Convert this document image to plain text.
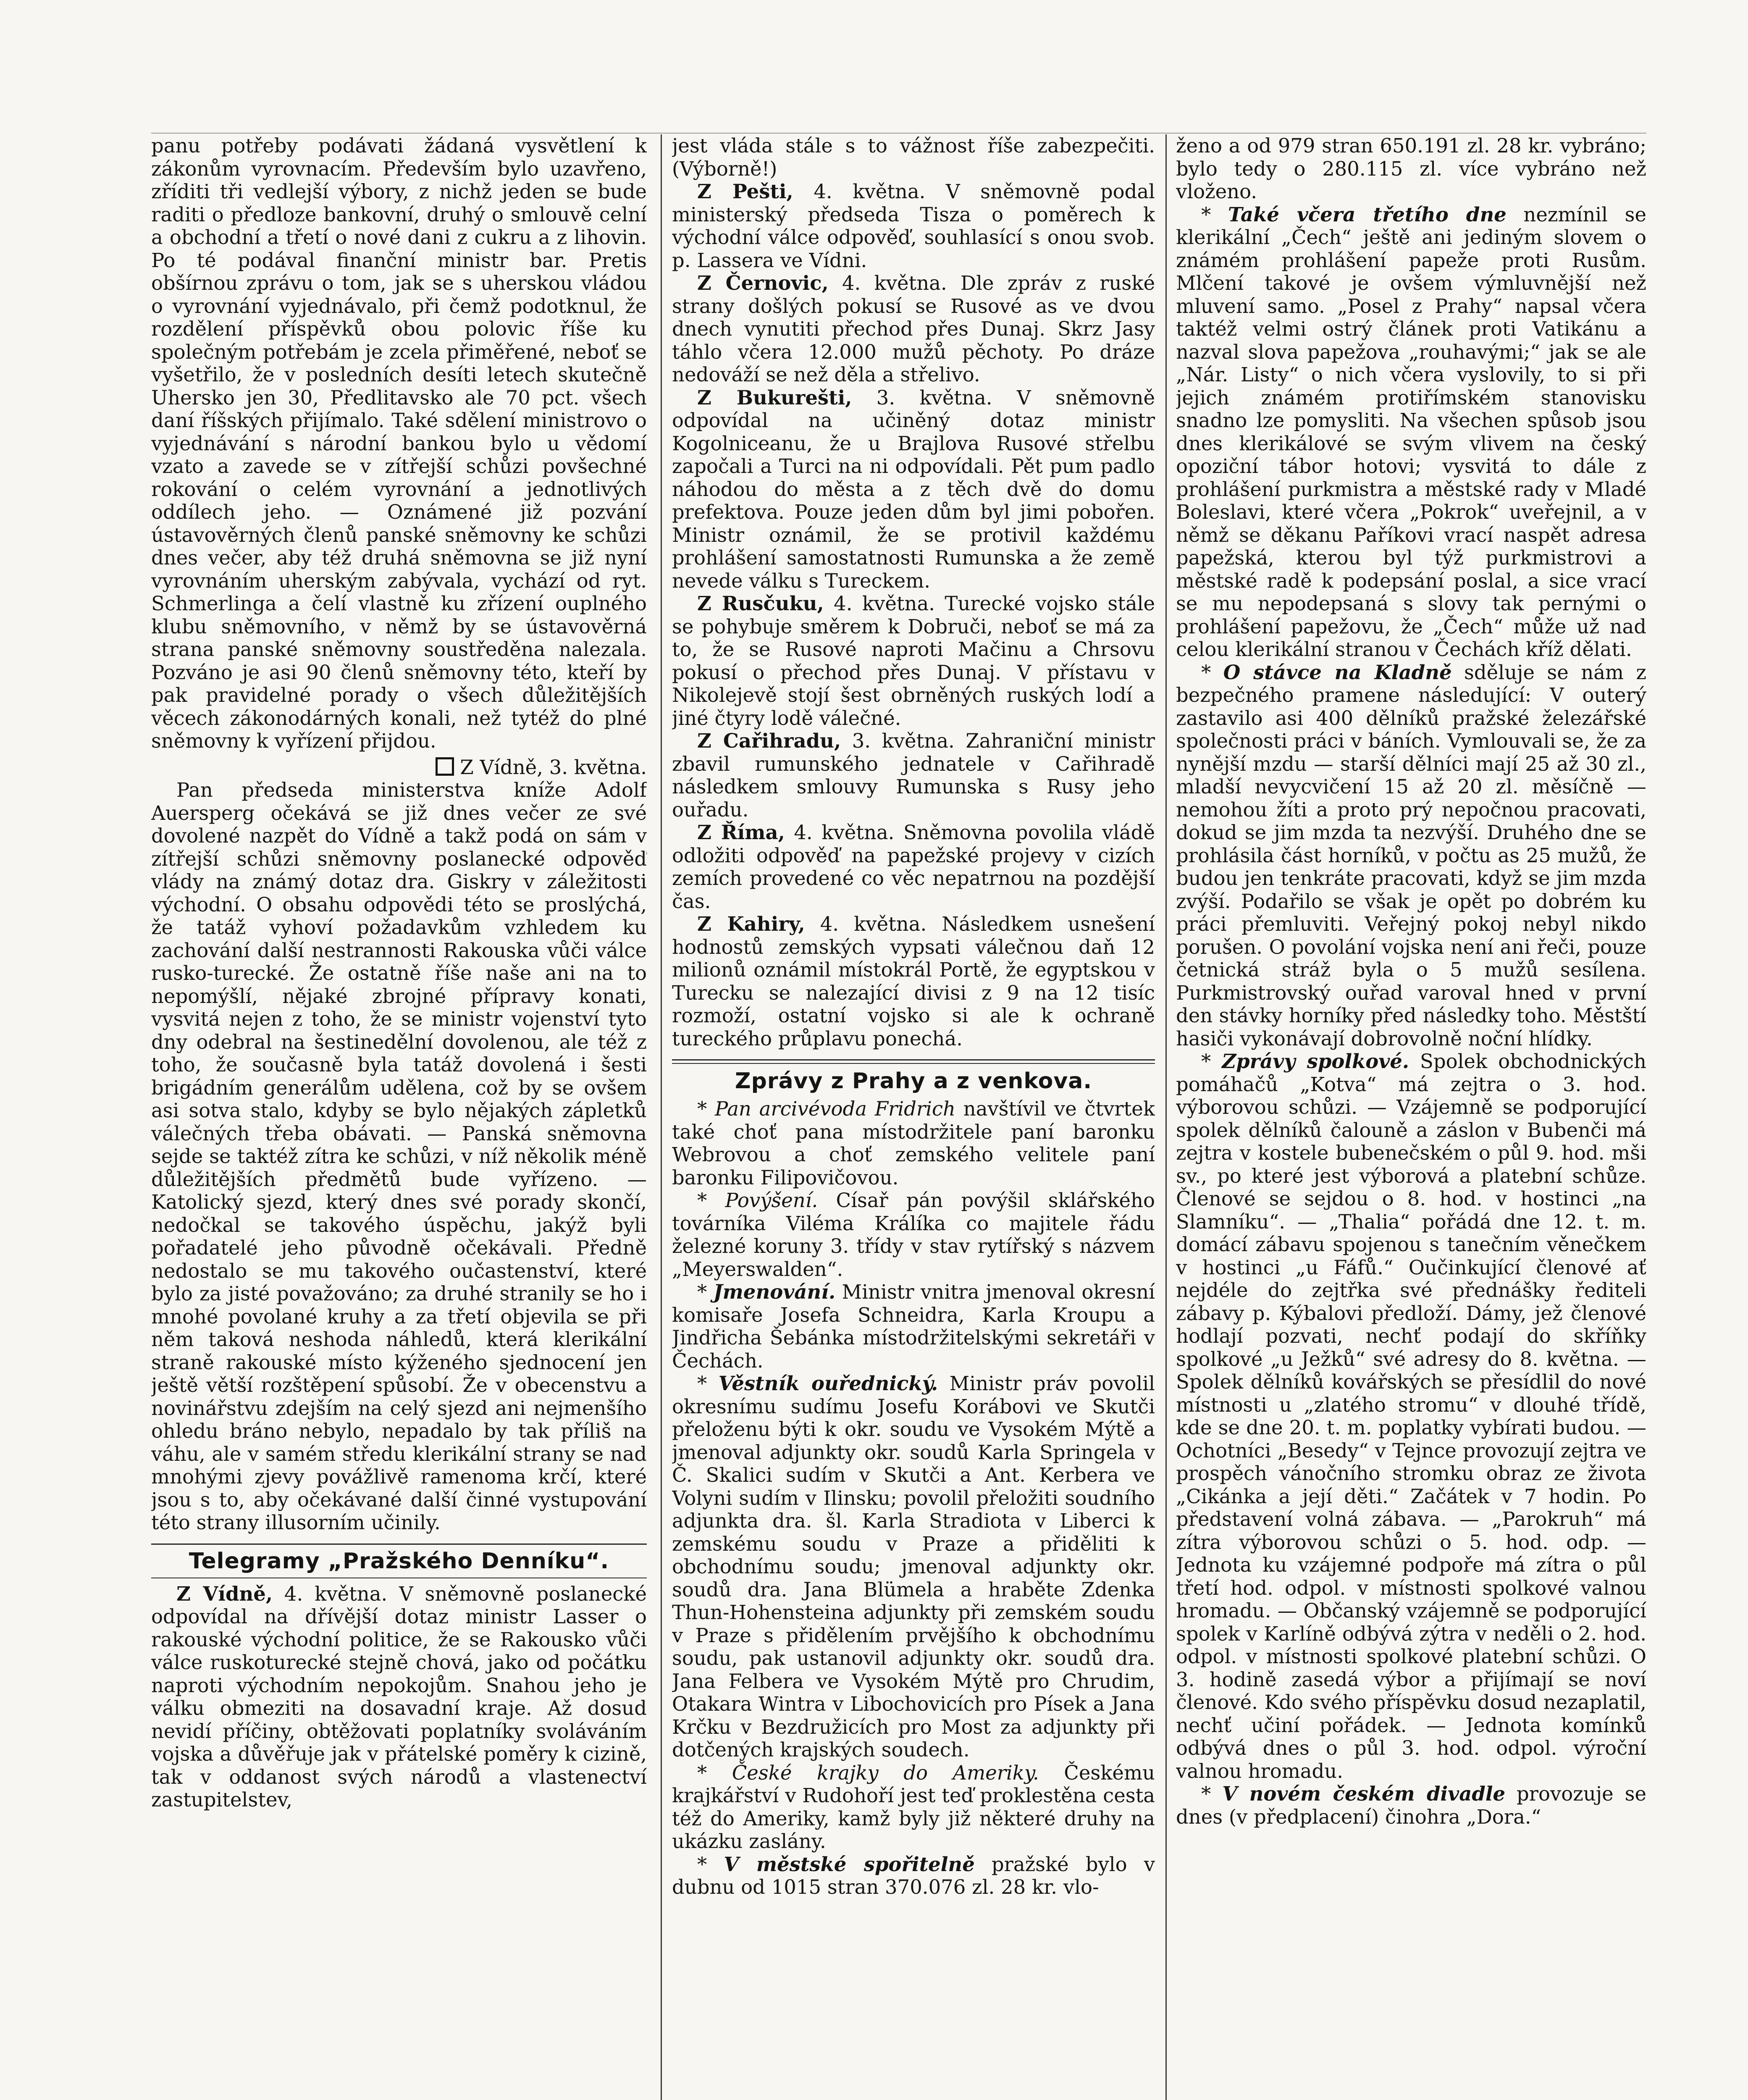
panu potřeby podávati žádaná vysvětlení k zákonům vyrovnacím. Především bylo uzavřeno, zříditi tři vedlejší výbory, z nichž jeden se bude raditi o předloze bankovní, druhý o smlouvě celní a obchodní a třetí o nové dani z cukru a z lihovin. Po té podával finanční ministr bar. Pretis obšírnou zprávu o tom, jak se s uherskou vládou o vyrovnání vyjednávalo, při čemž podotknul, že rozdělení příspěvků obou polovic říše ku společným potřebám je zcela přiměřené, neboť se vyšetřilo, že v posledních desíti letech skutečně Uhersko jen 30, Předlitavsko ale 70 pct. všech daní říšských přijímalo. Také sdělení ministrovo o vyjednávání s národní bankou bylo u vědomí vzato a zavede se v zítřejší schůzi povšechné rokování o celém vyrovnání a jednotlivých oddílech jeho. — Oznámené již pozvání ústavověrných členů panské sněmovny ke schůzi dnes večer, aby též druhá sněmovna se již nyní vyrovnáním uherským zabývala, vychází od ryt. Schmerlinga a čelí vlastně ku zřízení ouplného klubu sněmovního, v němž by se ústavověrná strana panské sněmovny soustředěna nalezala. Pozváno je asi 90 členů sněmovny této, kteří by pak pravidelné porady o všech důležitějších věcech zákonodárných konali, než tytéž do plné sněmovny k vyřízení přijdou.

Z Vídně, 3. května.

Pan předseda ministerstva kníže Adolf Auersperg očekává se již dnes večer ze své dovolené nazpět do Vídně a takž podá on sám v zítřejší schůzi sněmovny poslanecké odpověď vlády na známý dotaz dra. Giskry v záležitosti východní. O obsahu odpovědi této se proslýchá, že tatáž vyhoví požadavkům vzhledem ku zachování další nestrannosti Rakouska vůči válce rusko-turecké. Že ostatně říše naše ani na to nepomýšlí, nějaké zbrojné přípravy konati, vysvitá nejen z toho, že se ministr vojenství tyto dny odebral na šestinedělní dovolenou, ale též z toho, že současně byla tatáž dovolená i šesti brigádním generálům udělena, což by se ovšem asi sotva stalo, kdyby se bylo nějakých zápletků válečných třeba obávati. — Panská sněmovna sejde se taktéž zítra ke schůzi, v níž několik méně důležitějších předmětů bude vyřízeno. — Katolický sjezd, který dnes své porady skončí, nedočkal se takového úspěchu, jakýž byli pořadatelé jeho původně očekávali. Předně nedostalo se mu takového oučastenství, které bylo za jisté považováno; za druhé stranily se ho i mnohé povolané kruhy a za třetí objevila se při něm taková neshoda náhledů, která klerikální straně rakouské místo kýženého sjednocení jen ještě větší rozštěpení spůsobí. Že v obecenstvu a novinářstvu zdejším na celý sjezd ani nejmenšího ohledu bráno nebylo, nepadalo by tak příliš na váhu, ale v samém středu klerikální strany se nad mnohými zjevy povážlivě ramenoma krčí, které jsou s to, aby očekávané další činné vystupování této strany illusorním učinily.

Telegramy „Pražského Denníku“.

Z Vídně, 4. května. V sněmovně poslanecké odpovídal na dřívější dotaz ministr Lasser o rakouské východní politice, že se Rakousko vůči válce ruskoturecké stejně chová, jako od počátku naproti východním nepokojům. Snahou jeho je válku obmeziti na dosavadní kraje. Až dosud nevidí příčiny, obtěžovati poplatníky svoláváním vojska a důvěřuje jak v přátelské poměry k cizině, tak v oddanost svých národů a vlastenectví zastupitelstev,

jest vláda stále s to vážnost říše zabezpečiti. (Výborně!)

Z Pešti, 4. května. V sněmovně podal ministerský předseda Tisza o poměrech k východní válce odpověď, souhlasící s onou svob. p. Lassera ve Vídni.

Z Černovic, 4. května. Dle zpráv z ruské strany došlých pokusí se Rusové as ve dvou dnech vynutiti přechod přes Dunaj. Skrz Jasy táhlo včera 12.000 mužů pěchoty. Po dráze nedováží se než děla a střelivo.

Z Bukurešti, 3. května. V sněmovně odpovídal na učiněný dotaz ministr Kogolniceanu, že u Brajlova Rusové střelbu započali a Turci na ni odpovídali. Pět pum padlo náhodou do města a z těch dvě do domu prefektova. Pouze jeden dům byl jimi pobořen. Ministr oznámil, že se protivil každému prohlášení samostatnosti Rumunska a že země nevede válku s Tureckem.

Z Rusčuku, 4. května. Turecké vojsko stále se pohybuje směrem k Dobruči, neboť se má za to, že se Rusové naproti Mačinu a Chrsovu pokusí o přechod přes Dunaj. V přístavu v Nikolejevě stojí šest obrněných ruských lodí a jiné čtyry lodě válečné.

Z Cařihradu, 3. května. Zahraniční ministr zbavil rumunského jednatele v Cařihradě následkem smlouvy Rumunska s Rusy jeho ouřadu.

Z Říma, 4. května. Sněmovna povolila vládě odložiti odpověď na papežské projevy v cizích zemích provedené co věc nepatrnou na pozdější čas.

Z Kahiry, 4. května. Následkem usnešení hodnostů zemských vypsati válečnou daň 12 milionů oznámil místokrál Portě, že egyptskou v Turecku se nalezající divisi z 9 na 12 tisíc rozmoží, ostatní vojsko si ale k ochraně tureckého průplavu ponechá.

Zprávy z Prahy a z venkova.

* Pan arcivévoda Fridrich navštívil ve čtvrtek také choť pana místodržitele paní baronku Webrovou a choť zemského velitele paní baronku Filipovičovou.

* Povýšení. Císař pán povýšil sklářského továrníka Viléma Králíka co majitele řádu železné koruny 3. třídy v stav rytířský s názvem „Meyerswalden“.

* Jmenování. Ministr vnitra jmenoval okresní komisaře Josefa Schneidra, Karla Kroupu a Jindřicha Šebánka místodržitelskými sekretáři v Čechách.

* Věstník ouřednický. Ministr práv povolil okresnímu sudímu Josefu Korábovi ve Skutči přeloženu býti k okr. soudu ve Vysokém Mýtě a jmenoval adjunkty okr. soudů Karla Springela v Č. Skalici sudím v Skutči a Ant. Kerbera ve Volyni sudím v Ilinsku; povolil přeložiti soudního adjunkta dra. šl. Karla Stradiota v Liberci k zemskému soudu v Praze a přiděliti k obchodnímu soudu; jmenoval adjunkty okr. soudů dra. Jana Blümela a hraběte Zdenka Thun-Hohensteina adjunkty při zemském soudu v Praze s přidělením prvějšího k obchodnímu soudu, pak ustanovil adjunkty okr. soudů dra. Jana Felbera ve Vysokém Mýtě pro Chrudim, Otakara Wintra v Libochovicích pro Písek a Jana Krčku v Bezdružicích pro Most za adjunkty při dotčených krajských soudech.

* České krajky do Ameriky. Českému krajkářství v Rudohoří jest teď proklestěna cesta též do Ameriky, kamž byly již některé druhy na ukázku zaslány.

* V městské spořitelně pražské bylo v dubnu od 1015 stran 370.076 zl. 28 kr. vlo-

ženo a od 979 stran 650.191 zl. 28 kr. vybráno; bylo tedy o 280.115 zl. více vybráno než vloženo.

* Také včera třetího dne nezmínil se klerikální „Čech“ ještě ani jediným slovem o známém prohlášení papeže proti Rusům. Mlčení takové je ovšem výmluvnější než mluvení samo. „Posel z Prahy“ napsal včera taktéž velmi ostrý článek proti Vatikánu a nazval slova papežova „rouhavými;“ jak se ale „Nár. Listy“ o nich včera vyslovily, to si při jejich známém protiřímském stanovisku snadno lze pomysliti. Na všechen spůsob jsou dnes klerikálové se svým vlivem na český opoziční tábor hotovi; vysvitá to dále z prohlášení purkmistra a městské rady v Mladé Boleslavi, které včera „Pokrok“ uveřejnil, a v němž se děkanu Paříkovi vrací naspět adresa papežská, kterou byl týž purkmistrovi a městské radě k podepsání poslal, a sice vrací se mu nepodepsaná s slovy tak pernými o prohlášení papežovu, že „Čech“ může už nad celou klerikální stranou v Čechách kříž dělati.

* O stávce na Kladně sděluje se nám z bezpečného pramene následující: V outerý zastavilo asi 400 dělníků pražské železářské společnosti práci v báních. Vymlouvali se, že za nynější mzdu — starší dělníci mají 25 až 30 zl., mladší nevycvičení 15 až 20 zl. měsíčně — nemohou žíti a proto prý nepočnou pracovati, dokud se jim mzda ta nezvýší. Druhého dne se prohlásila část horníků, v počtu as 25 mužů, že budou jen tenkráte pracovati, když se jim mzda zvýší. Podařilo se však je opět po dobrém ku práci přemluviti. Veřejný pokoj nebyl nikdo porušen. O povolání vojska není ani řeči, pouze četnická stráž byla o 5 mužů sesílena. Purkmistrovský ouřad varoval hned v první den stávky horníky před následky toho. Městští hasiči vykonávají dobrovolně noční hlídky.

* Zprávy spolkové. Spolek obchodnických pomáhačů „Kotva“ má zejtra o 3. hod. výborovou schůzi. — Vzájemně se podporující spolek dělníků čalouně a záslon v Bubenči má zejtra v kostele bubenečském o půl 9. hod. mši sv., po které jest výborová a platební schůze. Členové se sejdou o 8. hod. v hostinci „na Slamníku“. — „Thalia“ pořádá dne 12. t. m. domácí zábavu spojenou s tanečním věnečkem v hostinci „u Fáfů.“ Oučinkující členové ať nejdéle do zejtřka své přednášky řediteli zábavy p. Kýbalovi předloží. Dámy, jež členové hodlají pozvati, nechť podají do skříňky spolkové „u Ježků“ své adresy do 8. května. — Spolek dělníků kovářských se přesídlil do nové místnosti u „zlatého stromu“ v dlouhé třídě, kde se dne 20. t. m. poplatky vybírati budou. — Ochotníci „Besedy“ v Tejnce provozují zejtra ve prospěch vánočního stromku obraz ze života „Cikánka a její děti.“ Začátek v 7 hodin. Po představení volná zábava. — „Parokruh“ má zítra výborovou schůzi o 5. hod. odp. — Jednota ku vzájemné podpoře má zítra o půl třetí hod. odpol. v místnosti spolkové valnou hromadu. — Občanský vzájemně se podporující spolek v Karlíně odbývá zýtra v neděli o 2. hod. odpol. v místnosti spolkové platební schůzi. O 3. hodině zasedá výbor a přijímají se noví členové. Kdo svého příspěvku dosud nezaplatil, nechť učiní pořádek. — Jednota komínků odbývá dnes o půl 3. hod. odpol. výroční valnou hromadu.

* V novém českém divadle provozuje se dnes (v předplacení) činohra „Dora.“
